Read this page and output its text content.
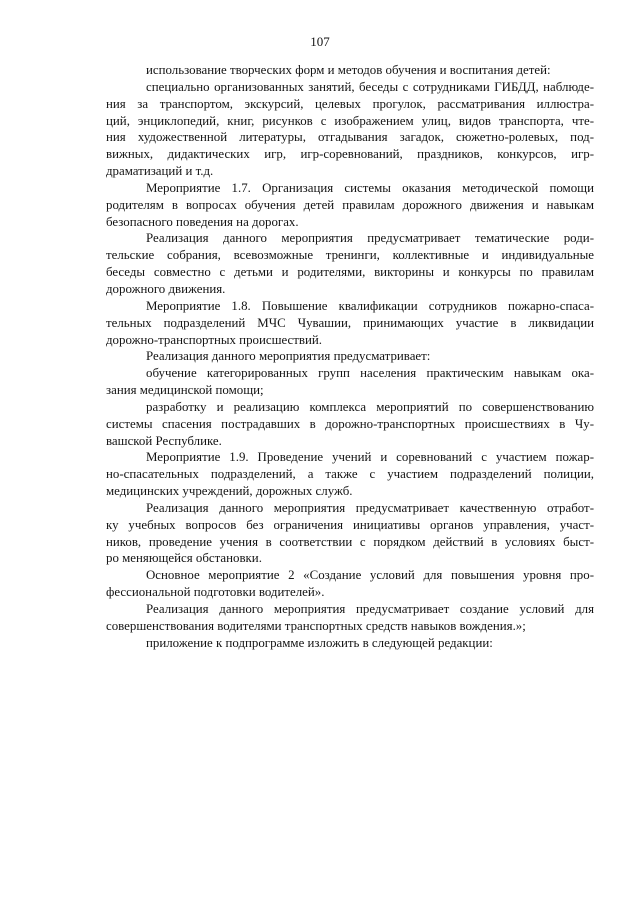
107

использование творческих форм и методов обучения и воспитания детей:

специально организованных занятий, беседы с сотрудниками ГИБДД, наблюде-
ния за транспортом, экскурсий, целевых прогулок, рассматривания иллюстра-
ций, энциклопедий, книг, рисунков с изображением улиц, видов транспорта, чте-
ния художественной литературы, отгадывания загадок, сюжетно-ролевых, под-
вижных, дидактических игр, игр-соревнований, праздников, конкурсов, игр-
драматизаций и т.д.

Мероприятие 1.7. Организация системы оказания методической помощи
родителям в вопросах обучения детей правилам дорожного движения и навыкам
безопасного поведения на дорогах.

Реализация данного мероприятия предусматривает тематические роди-
тельские собрания, всевозможные тренинги, коллективные и индивидуальные
беседы совместно с детьми и родителями, викторины и конкурсы по правилам
дорожного движения.

Мероприятие 1.8. Повышение квалификации сотрудников пожарно-спаса-
тельных подразделений МЧС Чувашии, принимающих участие в ликвидации
дорожно-транспортных происшествий.

Реализация данного мероприятия предусматривает:

обучение категорированных групп населения практическим навыкам ока-
зания медицинской помощи;

разработку и реализацию комплекса мероприятий по совершенствованию
системы спасения пострадавших в дорожно-транспортных происшествиях в Чу-
вашской Республике.

Мероприятие 1.9. Проведение учений и соревнований с участием пожар-
но-спасательных подразделений, а также с участием подразделений полиции,
медицинских учреждений, дорожных служб.

Реализация данного мероприятия предусматривает качественную отработ-
ку учебных вопросов без ограничения инициативы органов управления, участ-
ников, проведение учения в соответствии с порядком действий в условиях быст-
ро меняющейся обстановки.

Основное мероприятие 2 «Создание условий для повышения уровня про-
фессиональной подготовки водителей».

Реализация данного мероприятия предусматривает создание условий для
совершенствования водителями транспортных средств навыков вождения.»;

приложение к подпрограмме изложить в следующей редакции:
